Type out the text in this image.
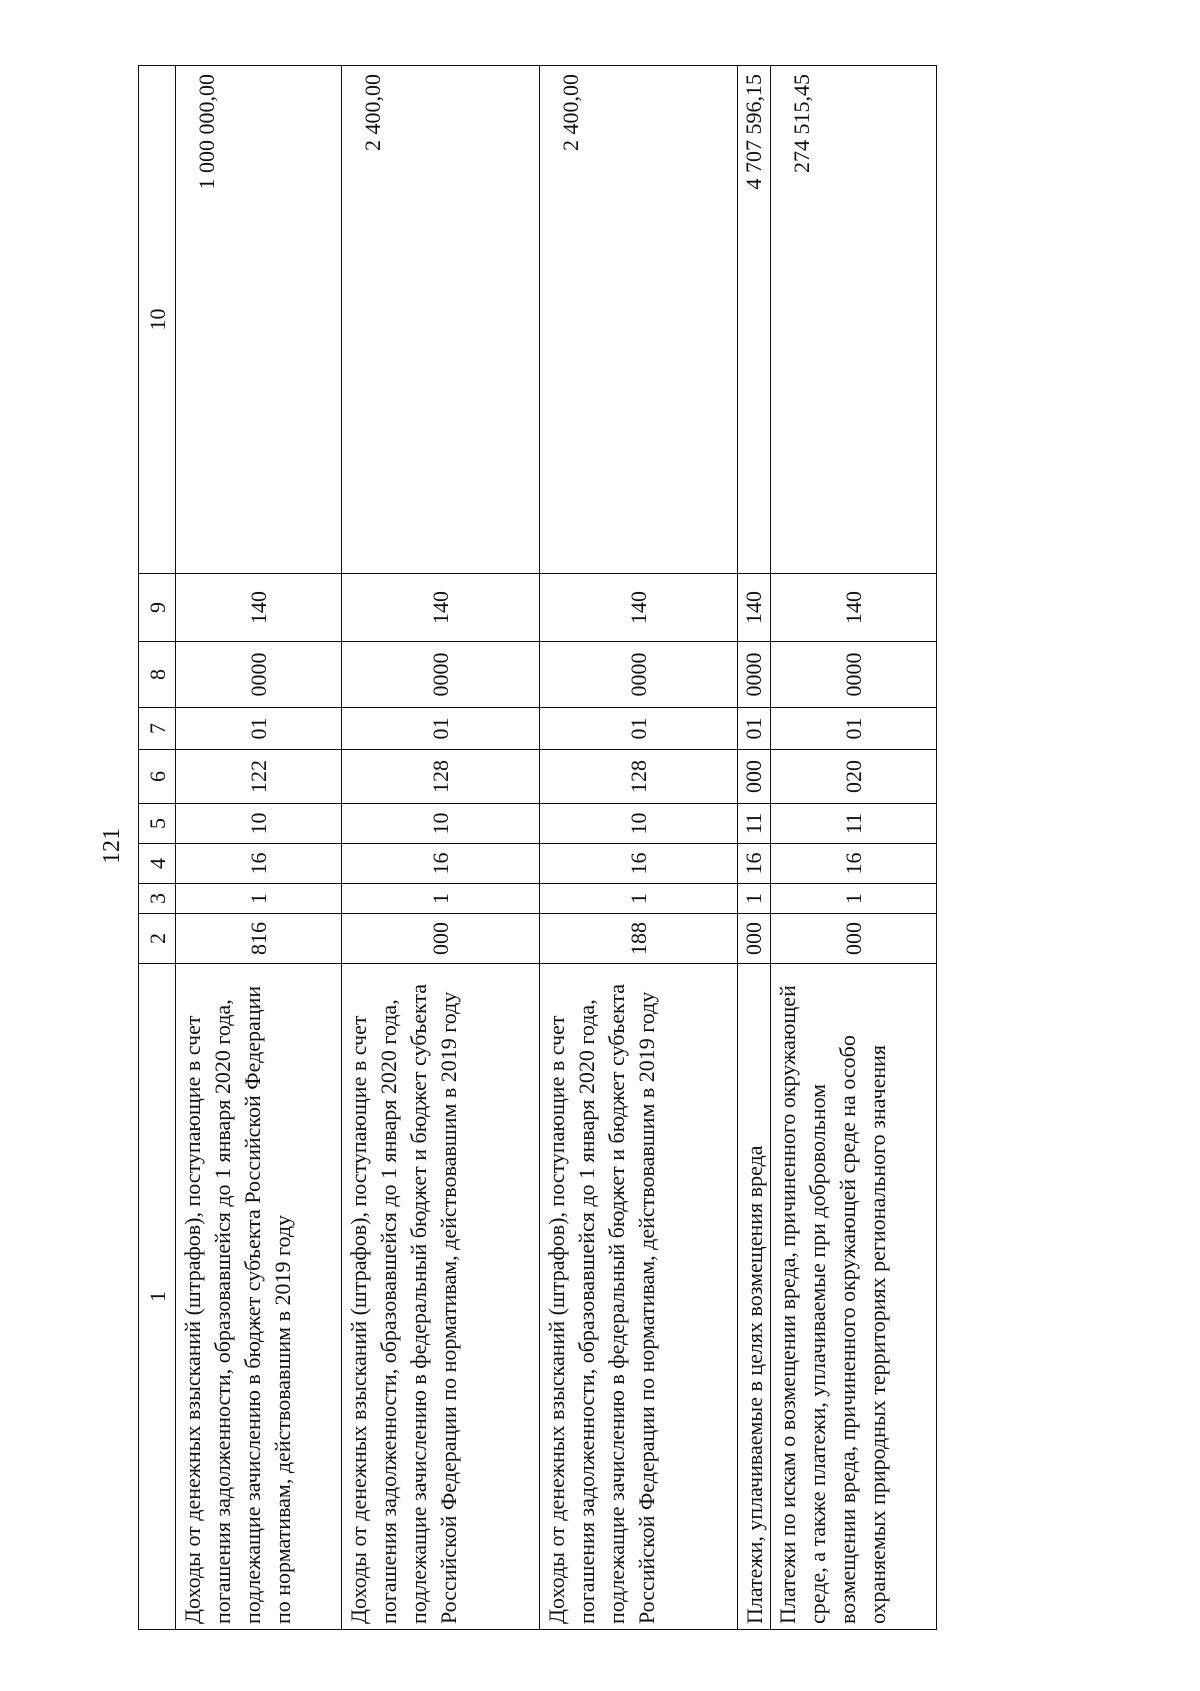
121
1	2	3	4	5	6	7	8	9	10
Доходы от денежных взысканий (штрафов), поступающие в счет погашения задолженности, образовавшейся до 1 января 2020 года, подлежащие зачислению в бюджет субъекта Российской Федерации по нормативам, действовавшим в 2019 году	816	1	16	10	122	01	0000	140	1 000 000,00
Доходы от денежных взысканий (штрафов), поступающие в счет погашения задолженности, образовавшейся до 1 января 2020 года, подлежащие зачислению в федеральный бюджет и бюджет субъекта Российской Федерации по нормативам, действовавшим в 2019 году	000	1	16	10	128	01	0000	140	2 400,00
Доходы от денежных взысканий (штрафов), поступающие в счет погашения задолженности, образовавшейся до 1 января 2020 года, подлежащие зачислению в федеральный бюджет и бюджет субъекта Российской Федерации по нормативам, действовавшим в 2019 году	188	1	16	10	128	01	0000	140	2 400,00
Платежи, уплачиваемые в целях возмещения вреда	000	1	16	11	000	01	0000	140	4 707 596,15
Платежи по искам о возмещении вреда, причиненного окружающей среде, а также платежи, уплачиваемые при добровольном возмещении вреда, причиненного окружающей среде на особо охраняемых природных территориях регионального значения	000	1	16	11	020	01	0000	140	274 515,45
